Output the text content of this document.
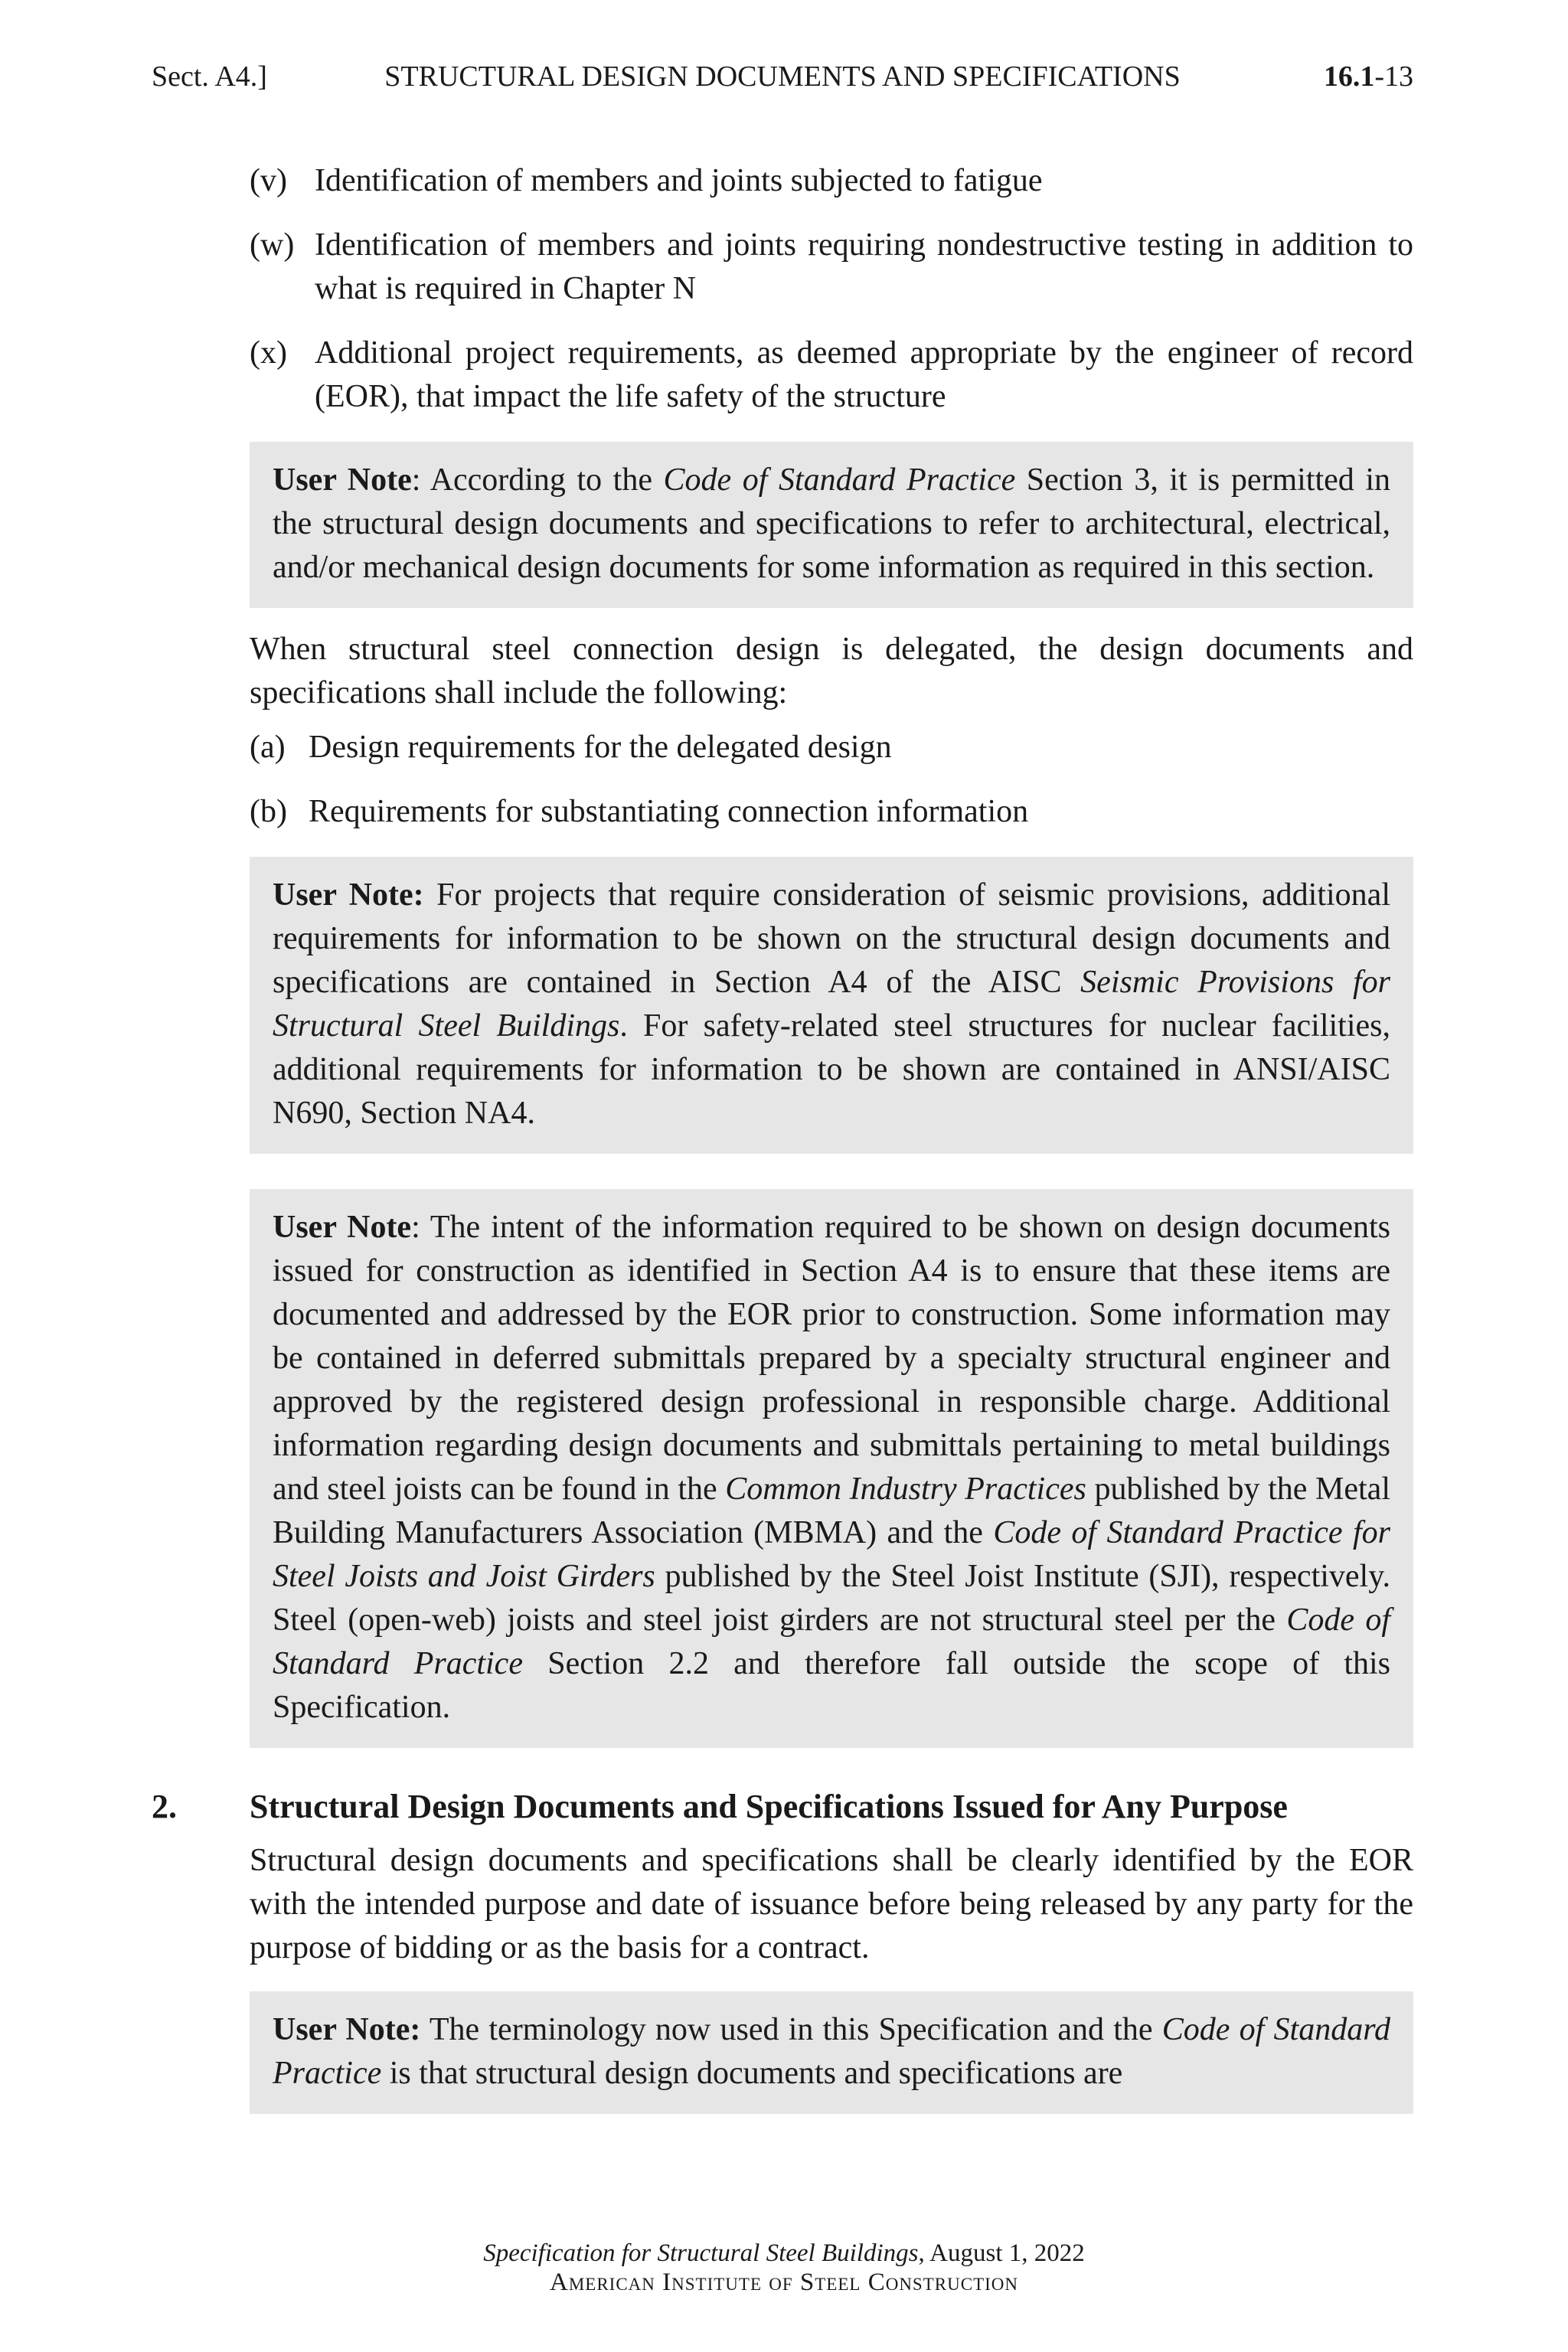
Sect. A4.]	STRUCTURAL DESIGN DOCUMENTS AND SPECIFICATIONS	16.1-13
(v) Identification of members and joints subjected to fatigue

(w) Identification of members and joints requiring nondestructive testing in addition to what is required in Chapter N

(x) Additional project requirements, as deemed appropriate by the engineer of record (EOR), that impact the life safety of the structure

User Note: According to the Code of Standard Practice Section 3, it is permitted in the structural design documents and specifications to refer to architectural, electrical, and/or mechanical design documents for some information as required in this section.

When structural steel connection design is delegated, the design documents and specifications shall include the following:

(a) Design requirements for the delegated design

(b) Requirements for substantiating connection information

User Note: For projects that require consideration of seismic provisions, additional requirements for information to be shown on the structural design documents and specifications are contained in Section A4 of the AISC Seismic Provisions for Structural Steel Buildings. For safety-related steel structures for nuclear facilities, additional requirements for information to be shown are contained in ANSI/AISC N690, Section NA4.
User Note: The intent of the information required to be shown on design documents issued for construction as identified in Section A4 is to ensure that these items are documented and addressed by the EOR prior to construction. Some information may be contained in deferred submittals prepared by a specialty structural engineer and approved by the registered design professional in responsible charge. Additional information regarding design documents and submittals pertaining to metal buildings and steel joists can be found in the Common Industry Practices published by the Metal Building Manufacturers Association (MBMA) and the Code of Standard Practice for Steel Joists and Joist Girders published by the Steel Joist Institute (SJI), respectively. Steel (open-web) joists and steel joist girders are not structural steel per the Code of Standard Practice Section 2.2 and therefore fall outside the scope of this Specification.
2. Structural Design Documents and Specifications Issued for Any Purpose

Structural design documents and specifications shall be clearly identified by the EOR with the intended purpose and date of issuance before being released by any party for the purpose of bidding or as the basis for a contract.

User Note: The terminology now used in this Specification and the Code of Standard Practice is that structural design documents and specifications are
Specification for Structural Steel Buildings, August 1, 2022
American Institute of Steel Construction
